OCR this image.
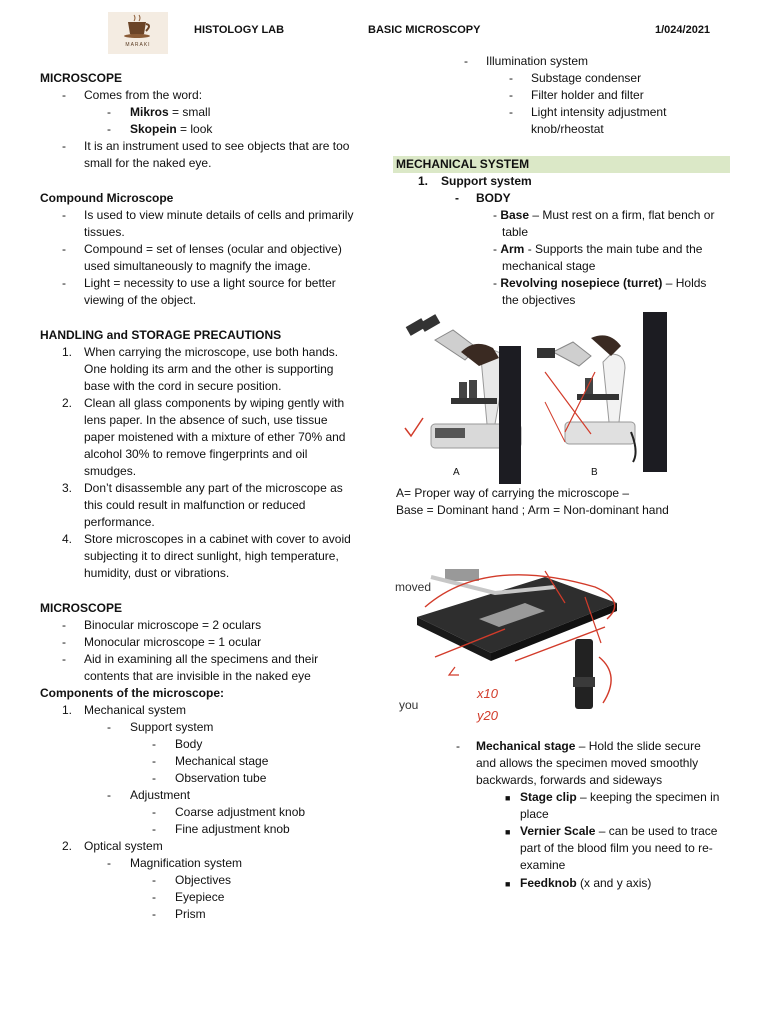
MARAKI
HISTOLOGY LAB	BASIC MICROSCOPY	1/024/2021
MICROSCOPE
- Comes from the word:
- Mikros = small
- Skopein = look
- It is an instrument used to see objects that are too
small for the naked eye.
Compound Microscope
- Is used to view minute details of cells and primarily
tissues.
- Compound = set of lenses (ocular and objective)
used simultaneously to magnify the image.
- Light = necessity to use a light source for better
viewing of the object.
HANDLING and STORAGE PRECAUTIONS
1. When carrying the microscope, use both hands.
One holding its arm and the other is supporting
base with the cord in secure position.
2. Clean all glass components by wiping gently with
lens paper. In the absence of such, use tissue
paper moistened with a mixture of ether 70% and
alcohol 30% to remove fingerprints and oil
smudges.
3. Don’t disassemble any part of the microscope as
this could result in malfunction or reduced
performance.
4. Store microscopes in a cabinet with cover to avoid
subjecting it to direct sunlight, high temperature,
humidity, dust or vibrations.
MICROSCOPE
- Binocular microscope = 2 oculars
- Monocular microscope = 1 ocular
- Aid in examining all the specimens and their
contents that are invisible in the naked eye
Components of the microscope:
1. Mechanical system
- Support system
- Body
- Mechanical stage
- Observation tube
- Adjustment
- Coarse adjustment knob
- Fine adjustment knob
2. Optical system
- Magnification system
- Objectives
- Eyepiece
- Prism
- Illumination system
- Substage condenser
- Filter holder and filter
- Light intensity adjustment
knob/rheostat
MECHANICAL SYSTEM
1. Support system
- BODY
- Base – Must rest on a firm, flat bench or
table
- Arm - Supports the main tube and the
mechanical stage
- Revolving nosepiece (turret) – Holds
the objectives
A	B
A= Proper way of carrying the microscope –
Base = Dominant hand ; Arm = Non-dominant hand
moved
you
x10
y20
- Mechanical stage – Hold the slide secure
and allows the specimen moved smoothly
backwards, forwards and sideways
■ Stage clip – keeping the specimen in
place
■ Vernier Scale – can be used to trace
part of the blood film you need to re-
examine
■ Feedknob (x and y axis)
